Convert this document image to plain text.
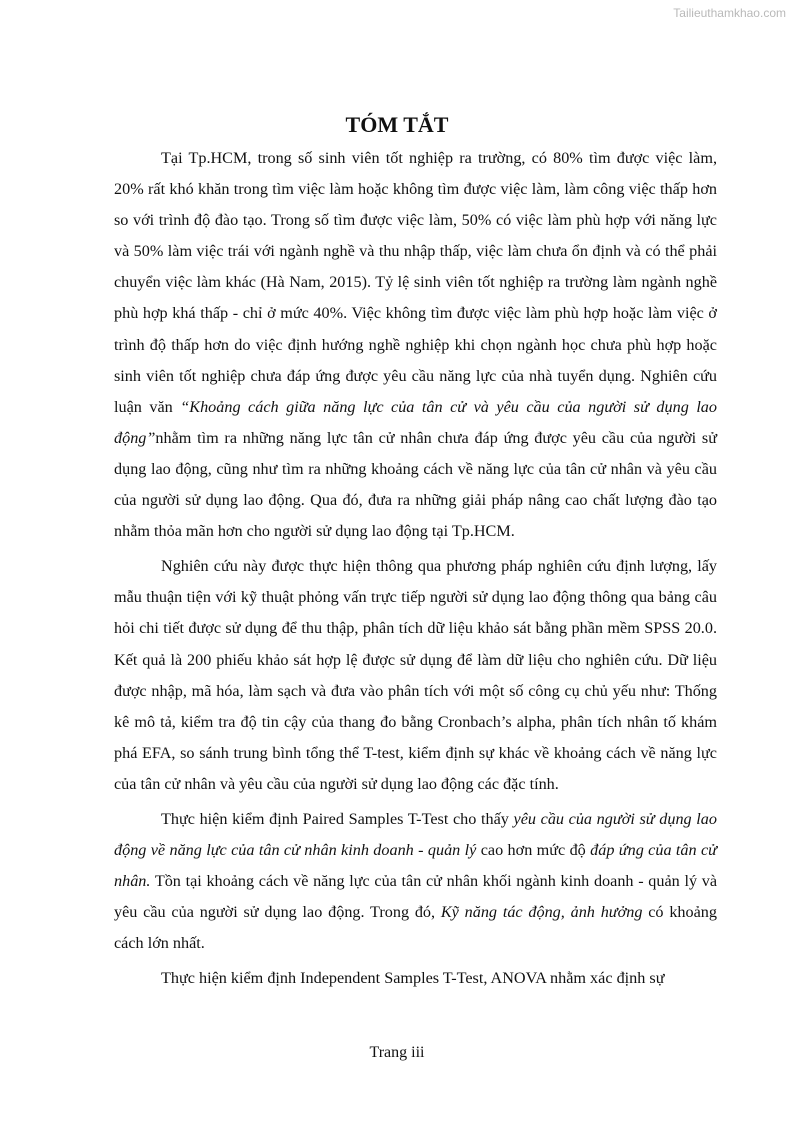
Tailieuthamkhao.com
TÓM TẮT

Tại Tp.HCM, trong số sinh viên tốt nghiệp ra trường, có 80% tìm được việc làm, 20% rất khó khăn trong tìm việc làm hoặc không tìm được việc làm, làm công việc thấp hơn so với trình độ đào tạo. Trong số tìm được việc làm, 50% có việc làm phù hợp với năng lực và 50% làm việc trái với ngành nghề và thu nhập thấp, việc làm chưa ổn định và có thể phải chuyển việc làm khác (Hà Nam, 2015). Tỷ lệ sinh viên tốt nghiệp ra trường làm ngành nghề phù hợp khá thấp - chỉ ở mức 40%. Việc không tìm được việc làm phù hợp hoặc làm việc ở trình độ thấp hơn do việc định hướng nghề nghiệp khi chọn ngành học chưa phù hợp hoặc sinh viên tốt nghiệp chưa đáp ứng được yêu cầu năng lực của nhà tuyển dụng. Nghiên cứu luận văn “Khoảng cách giữa năng lực của tân cử và yêu cầu của người sử dụng lao động”nhằm tìm ra những năng lực tân cử nhân chưa đáp ứng được yêu cầu của người sử dụng lao động, cũng như tìm ra những khoảng cách về năng lực của tân cử nhân và yêu cầu của người sử dụng lao động. Qua đó, đưa ra những giải pháp nâng cao chất lượng đào tạo nhằm thỏa mãn hơn cho người sử dụng lao động tại Tp.HCM.

Nghiên cứu này được thực hiện thông qua phương pháp nghiên cứu định lượng, lấy mẫu thuận tiện với kỹ thuật phỏng vấn trực tiếp người sử dụng lao động thông qua bảng câu hỏi chi tiết được sử dụng để thu thập, phân tích dữ liệu khảo sát bằng phần mềm SPSS 20.0. Kết quả là 200 phiếu khảo sát hợp lệ được sử dụng để làm dữ liệu cho nghiên cứu. Dữ liệu được nhập, mã hóa, làm sạch và đưa vào phân tích với một số công cụ chủ yếu như: Thống kê mô tả, kiểm tra độ tin cậy của thang đo bằng Cronbach’s alpha, phân tích nhân tố khám phá EFA, so sánh trung bình tổng thể T-test, kiểm định sự khác về khoảng cách về năng lực của tân cử nhân và yêu cầu của người sử dụng lao động các đặc tính.

Thực hiện kiểm định Paired Samples T-Test cho thấy yêu cầu của người sử dụng lao động về năng lực của tân cử nhân kinh doanh - quản lý cao hơn mức độ đáp ứng của tân cử nhân. Tồn tại khoảng cách về năng lực của tân cử nhân khối ngành kinh doanh - quản lý và yêu cầu của người sử dụng lao động. Trong đó, Kỹ năng tác động, ảnh hưởng có khoảng cách lớn nhất.

Thực hiện kiểm định Independent Samples T-Test, ANOVA nhằm xác định sự

Trang iii
